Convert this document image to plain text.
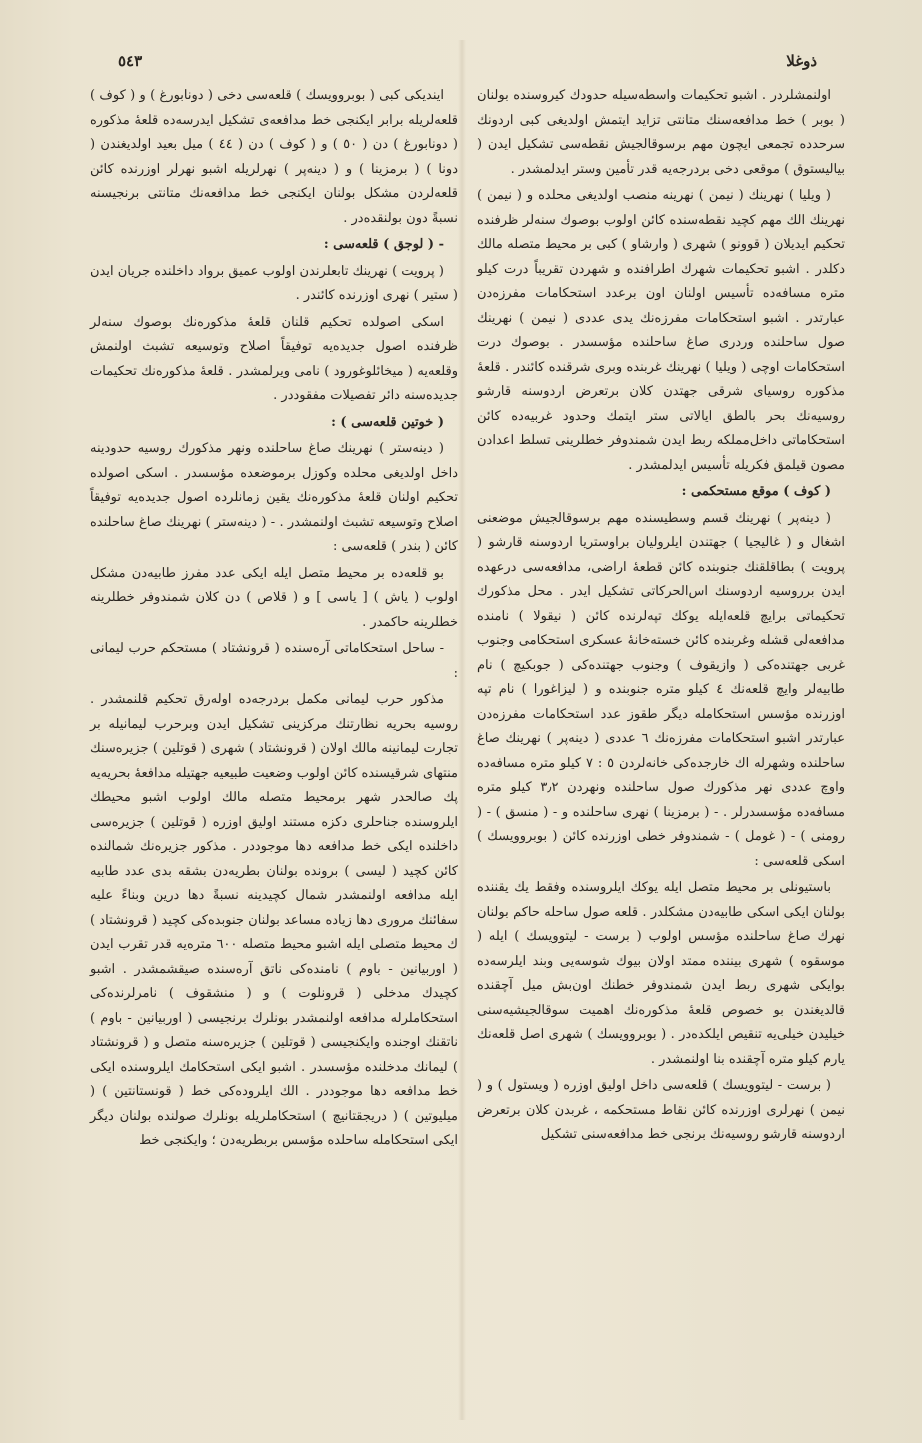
٥٤٣	ذوغلا

اولنمشلردر . اشبو تحکیمات واسطه‌سیله حدودك کیروسنده بولنان ( بوبر ) خط مدافعه‌سنك متانتی تزاید ایتمش اولدیغی کبی اردونك سرحدده تجمعی ایچون مهم برسوقالجیش نقطه‌سی تشکیل ایدن ( بیالیستوق ) موقعی دخی بردرجه‌یه قدر تأمین وستر ایدلمشدر .

( ویلیا ) نهرینك ( نیمن ) نهرینه منصب اولدیغی محلده و ( نیمن ) نهرینك الك مهم کچید نقطه‌سنده کائن اولوب بوصوك سنه‌لر ظرفنده تحکیم ایدیلان ( قوونو ) شهری ( وارشاو ) کبی بر محیط متصله مالك دکلدر . اشبو تحکیمات شهرك اطرافنده و شهردن تقریباً درت کیلو متره مسافه‌ده تأسیس اولنان اون برعدد استحکامات مفرزه‌دن عبارتدر . اشبو استحکامات مفرزه‌نك یدی عددی ( نیمن ) نهرینك صول ساحلنده وردری صاغ ساحلنده مؤسسدر . بوصوك درت استحکامات اوچی ( ویلیا ) نهرینك غربنده وبری شرقنده کائندر . قلعهٔ مذکوره روسیای شرقی جهتدن کلان برتعرض اردوسنه قارشو روسیه‌نك بحر بالطق ایالاتی ستر ایتمك وحدود غربیه‌ده کائن استحکاماتی داخل‌مملکه ربط ایدن شمندوفر خطلرینی تسلط اعدادن مصون قیلمق فکریله تأسیس ایدلمشدر .

( کوف ) موقع مستحکمی :

( دینه‌پر ) نهرینك قسم وسطیسنده مهم برسوقالجیش موضعنی اشغال و ( غالیجیا ) جهتندن ایلرولیان براوستریا اردوسنه قارشو ( پرویت ) بطاقلقنك جنوبنده کائن قطعهٔ اراضی، مدافعه‌سی درعهده ایدن برروسیه اردوسنك اس‌الحرکاتی تشکیل ایدر . محل مذکورك تحکیماتی برایچ قلعه‌ایله یوکك تپه‌لرنده کائن ( نیقولا ) نامنده مدافعه‌لی قشله وغربنده کائن خسته‌خانهٔ عسکری استحکامی وجنوب غربی جهتنده‌کی ( وازیقوف ) وجنوب جهتنده‌کی ( جوبکیچ ) نام طابیه‌لر وایچ قلعه‌نك ٤ کیلو متره جنوبنده و ( لیزاغورا ) نام تپه اوزرنده مؤسس استحکامله دیگر طقوز عدد استحکامات مفرزه‌دن عبارتدر اشبو استحکامات مفرزه‌نك ٦ عددی ( دینه‌پر ) نهرینك صاغ ساحلنده وشهرله اك خارجده‌کی خانه‌لردن ٥ : ٧ کیلو متره مسافه‌ده واوچ عددی نهر مذکورك صول ساحلنده ونهردن ٣٫٢ کیلو متره مسافه‌ده مؤسسدرلر . - ( برمزینا ) نهری ساحلنده و - ( منسق ) - ( رومنی ) - ( غومل ) - شمندوفر خطی اوزرنده کائن ( بوبروویسك ) اسکی قلعه‌سی :

باستیونلی بر محیط متصل ایله یوکك ایلروسنده وفقط یك یقننده بولنان ایکی اسکی طابیه‌دن مشکلدر . قلعه صول ساحله حاکم بولنان نهرك صاغ ساحلنده مؤسس اولوب ( برست - لیتوویسك ) ایله ( موسقوه ) شهری بیننده ممتد اولان بیوك شوسه‌یی وبند ایلرسه‌ده بوایکی شهری ربط ایدن شمندوفر خطنك اون‌بش میل آچقنده قالدیغندن بو خصوص قلعهٔ مذکوره‌نك اهمیت سوقالجیشیه‌سنی خیلیدن خیلی‌یه تنقیص ایلکده‌در . ( بوبروویسك ) شهری اصل قلعه‌نك یارم کیلو متره آچقنده بنا اولنمشدر .

( برست - لیتوویسك ) قلعه‌سی داخل اولیق اوزره ( ویستول ) و ( نیمن ) نهرلری اوزرنده کائن نقاط مستحکمه ، غربدن کلان برتعرض اردوسنه قارشو روسیه‌نك برنجی خط مدافعه‌سنی تشکیل

ایندیکی کبی ( بوبروویسك ) قلعه‌سی دخی ( دونابورغ ) و ( کوف ) قلعه‌لریله برابر ایکنجی خط مدافعه‌ی تشکیل ایدرسه‌ده قلعهٔ مذکوره ( دونابورغ ) دن ( ٥٠ ) و ( کوف ) دن ( ٤٤ ) میل بعید اولدیغندن ( دونا ) ( برمزینا ) و ( دینه‌پر ) نهرلریله اشبو نهرلر اوزرنده کائن قلعه‌لردن مشکل بولنان ایکنجی خط مدافعه‌نك متانتی برنجیسنه نسبةً دون بولنقده‌در .

- ( لوجق ) قلعه‌سی :

( پرویت ) نهرینك تابعلرندن اولوب عمیق برواد داخلنده جریان ایدن ( ستیر ) نهری اوزرنده کائندر .

اسکی اصولده تحکیم قلنان قلعهٔ مذکوره‌نك بوصوك سنه‌لر ظرفنده اصول جدیده‌یه توفیقاً اصلاح وتوسیعه تشبث اولنمش وقلعه‌یه ( میخائلوغورود ) نامی ویرلمشدر . قلعهٔ مذکوره‌نك تحکیمات جدیده‌سنه دائر تفصیلات مفقوددر .

( خوتین قلعه‌سی ) :

( دینه‌ستر ) نهرینك صاغ ساحلنده ونهر مذکورك روسیه حدودینه داخل اولدیغی محلده وکوزل برموضعده مؤسسدر . اسکی اصولده تحکیم اولنان قلعهٔ مذکوره‌نك یقین زمانلرده اصول جدیده‌یه توفیقاً اصلاح وتوسیعه تشبث اولنمشدر . - ( دینه‌ستر ) نهرینك صاغ ساحلنده کائن ( بندر ) قلعه‌سی :

بو قلعه‌ده بر محیط متصل ایله ایکی عدد مفرز طابیه‌دن مشکل اولوب ( یاش ) [ یاسی ] و ( قلاص ) دن کلان شمندوفر خطلرینه خطلرینه حاکمدر .

- ساحل استحکاماتی آره‌سنده ( قرونشتاد ) مستحکم حرب لیمانی :

مذکور حرب لیمانی مکمل بردرجه‌ده اوله‌رق تحکیم قلنمشدر . روسیه بحریه نظارتنك مرکزینی تشکیل ایدن وبرحرب لیمانیله بر تجارت لیمانینه مالك اولان ( قرونشتاد ) شهری ( قوتلین ) جزیره‌سنك منتهای شرقیسنده کائن اولوب وضعیت طبیعیه جهتیله مدافعهٔ بحریه‌یه پك صالحدر شهر برمحیط متصله مالك اولوب اشبو محیطك ایلروسنده جناحلری دکزه مستند اولیق اوزره ( قوتلین ) جزیره‌سی داخلنده ایکی خط مدافعه دها موجوددر . مذکور جزیره‌نك شمالنده کائن کچید ( لیسی ) برونده بولنان بطریه‌دن بشقه بدی عدد طابیه ایله مدافعه اولنمشدر شمال کچیدینه نسبةً دها درین وبناءً علیه سفائنك مروری دها زیاده مساعد بولنان جنوبده‌کی کچید ( قرونشتاد ) ك محیط متصلی ایله اشبو محیط متصله ٦٠٠ متره‌یه قدر تقرب ایدن ( اوربیانین - باوم ) نامنده‌کی ناتق آره‌سنده صیقشمشدر . اشبو کچیدك مدخلی ( قرونلوت ) و ( منشقوف ) نامرلرنده‌کی استحکاملرله مدافعه اولنمشدر بونلرك برنجیسی ( اوربیانین - باوم ) ناتقنك اوجنده وایکنجیسی ( قوتلین ) جزیره‌سنه متصل و ( قرونشتاد ) لیمانك مدخلنده مؤسسدر . اشبو ایکی استحکامك ایلروسنده ایکی خط مدافعه دها موجوددر . الك ایلروده‌کی خط ( قونستانتین ) ( میلیوتین ) ( دریجقتانیچ ) استحکاملریله بونلرك صولنده بولنان دیگر ایکی استحکامله ساحلده مؤسس بربطریه‌دن ؛ وایکنجی خط
